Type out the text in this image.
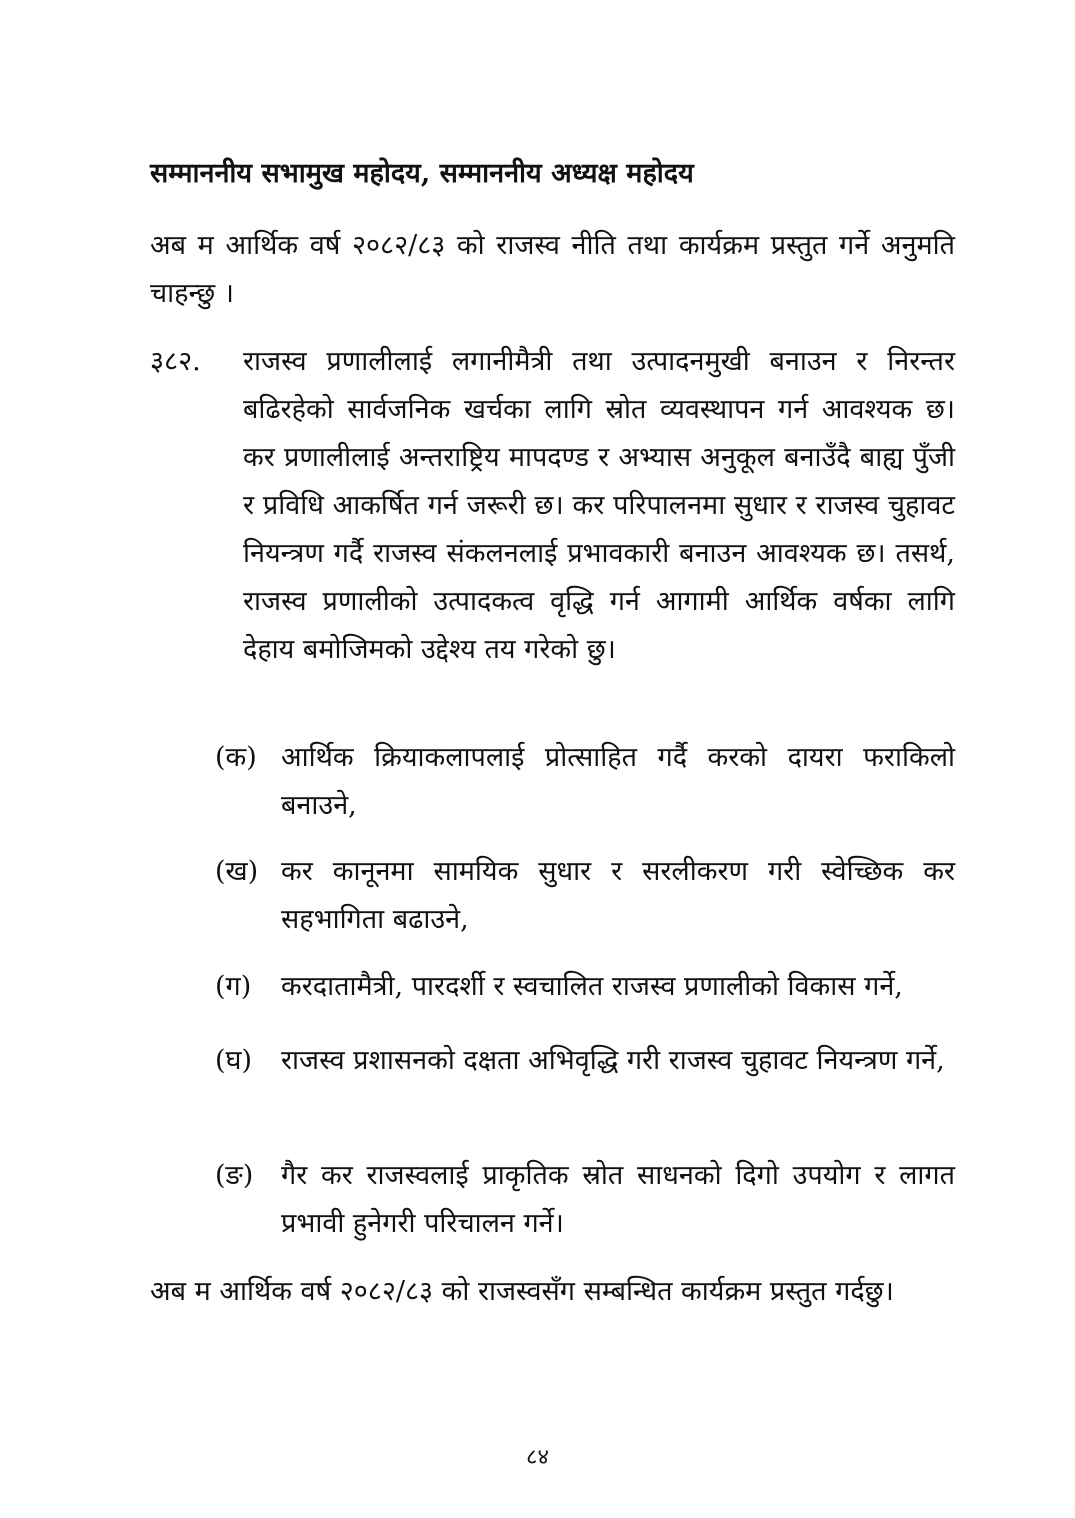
सम्माननीय सभामुख महोदय, सम्माननीय अध्यक्ष महोदय
अब म आर्थिक वर्ष २०८२/८३ को राजस्व नीति तथा कार्यक्रम प्रस्तुत गर्ने अनुमति चाहन्छु ।
३८२. राजस्व प्रणालीलाई लगानीमैत्री तथा उत्पादनमुखी बनाउन र निरन्तर बढिरहेको सार्वजनिक खर्चका लागि स्रोत व्यवस्थापन गर्न आवश्यक छ। कर प्रणालीलाई अन्तराष्ट्रिय मापदण्ड र अभ्यास अनुकूल बनाउँदै बाह्य पुँजी र प्रविधि आकर्षित गर्न जरूरी छ। कर परिपालनमा सुधार र राजस्व चुहावट नियन्त्रण गर्दै राजस्व संकलनलाई प्रभावकारी बनाउन आवश्यक छ। तसर्थ, राजस्व प्रणालीको उत्पादकत्व वृद्धि गर्न आगामी आर्थिक वर्षका लागि देहाय बमोजिमको उद्देश्य तय गरेको छु।
(क) आर्थिक क्रियाकलापलाई प्रोत्साहित गर्दै करको दायरा फराकिलो बनाउने,
(ख) कर कानूनमा सामयिक सुधार र सरलीकरण गरी स्वेच्छिक कर सहभागिता बढाउने,
(ग) करदातामैत्री, पारदर्शी र स्वचालित राजस्व प्रणालीको विकास गर्ने,
(घ) राजस्व प्रशासनको दक्षता अभिवृद्धि गरी राजस्व चुहावट नियन्त्रण गर्ने,
(ङ) गैर कर राजस्वलाई प्राकृतिक स्रोत साधनको दिगो उपयोग र लागत प्रभावी हुनेगरी परिचालन गर्ने।
अब म आर्थिक वर्ष २०८२/८३ को राजस्वसँग सम्बन्धित कार्यक्रम प्रस्तुत गर्दछु।
८४
